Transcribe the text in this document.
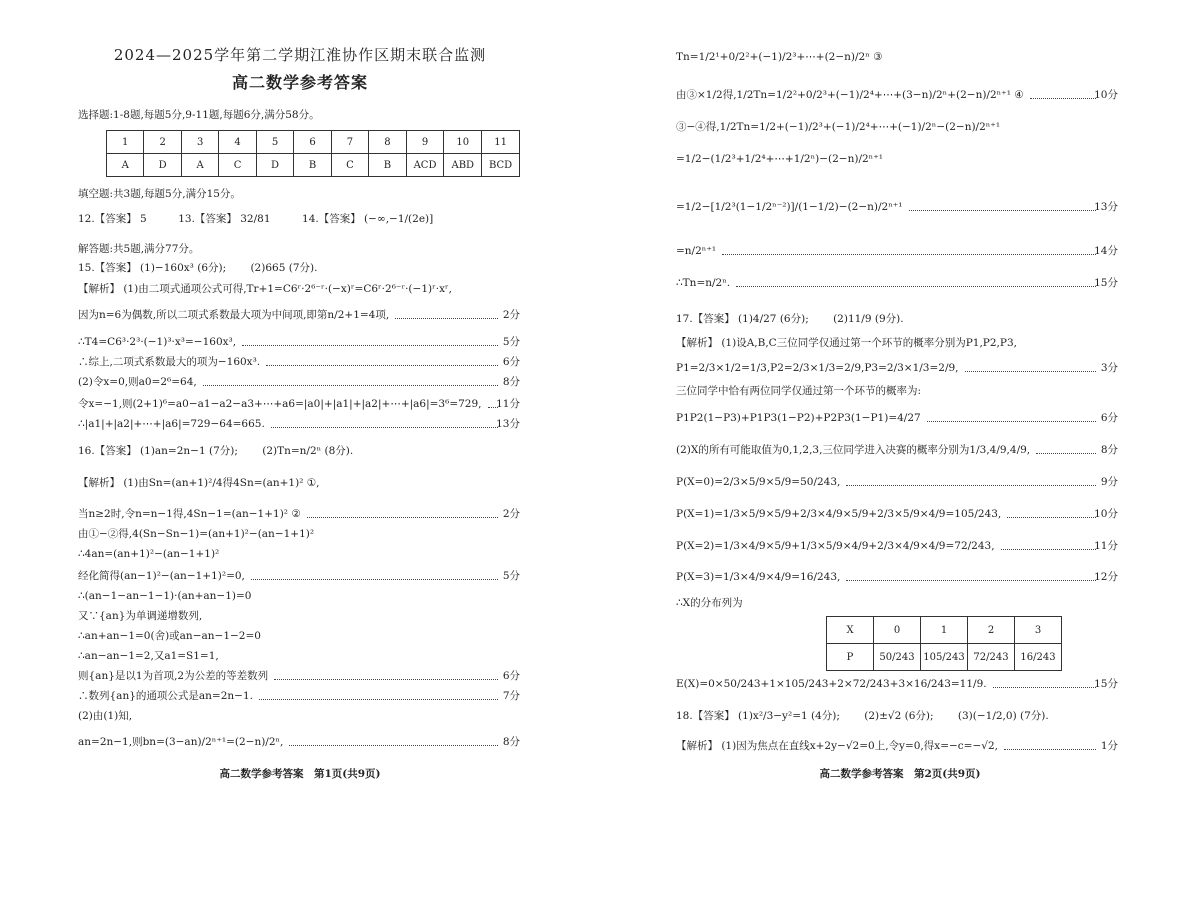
2024—2025学年第二学期江淮协作区期末联合监测
高二数学参考答案
选择题:1-8题,每题5分,9-11题,每题6分,满分58分。
1	2	3	4	5	6	7	8	9	10	11
A	D	A	C	D	B	C	B	ACD	ABD	BCD
填空题:共3题,每题5分,满分15分。
12.【答案】 5　　　13.【答案】 32/81　　　14.【答案】 (−∞,−1/(2e)]
解答题:共5题,满分77分。
15.【答案】 (1)−160x³ (6分);　　 (2)665 (7分).
【解析】 (1)由二项式通项公式可得,Tr+1=C6ʳ·2⁶⁻ʳ·(−x)ʳ=C6ʳ·2⁶⁻ʳ·(−1)ʳ·xʳ,
因为n=6为偶数,所以二项式系数最大项为中间项,即第n/2+1=4项,	2分
∴T4=C6³·2³·(−1)³·x³=−160x³,	5分
∴综上,二项式系数最大的项为−160x³.	6分
(2)令x=0,则a0=2⁶=64,	8分
令x=−1,则(2+1)⁶=a0−a1−a2−a3+⋯+a6=|a0|+|a1|+|a2|+⋯+|a6|=3⁶=729, 11分
∴|a1|+|a2|+⋯+|a6|=729−64=665.	13分
16.【答案】 (1)an=2n−1 (7分);　　 (2)Tn=n/2ⁿ (8分).
【解析】 (1)由Sn=(an+1)²/4得4Sn=(an+1)² ①,
当n≥2时,令n=n−1得,4Sn−1=(an−1+1)² ②	2分
由①−②得,4(Sn−Sn−1)=(an+1)²−(an−1+1)²
∴4an=(an+1)²−(an−1+1)²
经化简得(an−1)²−(an−1+1)²=0,	5分
∴(an−1−an−1−1)·(an+an−1)=0
又∵{an}为单调递增数列,
∴an+an−1=0(舍)或an−an−1−2=0
∴an−an−1=2,又a1=S1=1,
则{an}是以1为首项,2为公差的等差数列	6分
∴数列{an}的通项公式是an=2n−1.	7分
(2)由(1)知,
an=2n−1,则bn=(3−an)/2ⁿ⁺¹=(2−n)/2ⁿ,	8分
高二数学参考答案　第1页(共9页)
Tn=1/2¹+0/2²+(−1)/2³+⋯+(2−n)/2ⁿ ③
由③×1/2得,1/2Tn=1/2²+0/2³+(−1)/2⁴+⋯+(3−n)/2ⁿ+(2−n)/2ⁿ⁺¹ ④	10分
③−④得,1/2Tn=1/2+(−1)/2³+(−1)/2⁴+⋯+(−1)/2ⁿ−(2−n)/2ⁿ⁺¹
=1/2−(1/2³+1/2⁴+⋯+1/2ⁿ)−(2−n)/2ⁿ⁺¹
=1/2−[1/2³(1−1/2ⁿ⁻²)]/(1−1/2)−(2−n)/2ⁿ⁺¹	13分
=n/2ⁿ⁺¹	14分
∴Tn=n/2ⁿ.	15分
17.【答案】 (1)4/27 (6分);　　 (2)11/9 (9分).
【解析】 (1)设A,B,C三位同学仅通过第一个环节的概率分别为P1,P2,P3,
P1=2/3×1/2=1/3,P2=2/3×1/3=2/9,P3=2/3×1/3=2/9,	3分
三位同学中恰有两位同学仅通过第一个环节的概率为:
P1P2(1−P3)+P1P3(1−P2)+P2P3(1−P1)=4/27	6分
(2)X的所有可能取值为0,1,2,3,三位同学进入决赛的概率分别为1/3,4/9,4/9,	8分
P(X=0)=2/3×5/9×5/9=50/243,	9分
P(X=1)=1/3×5/9×5/9+2/3×4/9×5/9+2/3×5/9×4/9=105/243,	10分
P(X=2)=1/3×4/9×5/9+1/3×5/9×4/9+2/3×4/9×4/9=72/243,	11分
P(X=3)=1/3×4/9×4/9=16/243,	12分
∴X的分布列为
E(X)=0×50/243+1×105/243+2×72/243+3×16/243=11/9.	15分
18.【答案】 (1)x²/3−y²=1 (4分);　　 (2)±√2 (6分);　　 (3)(−1/2,0) (7分).
【解析】 (1)因为焦点在直线x+2y−√2=0上,令y=0,得x=−c=−√2,	1分
X	0	1	2	3
P	50/243	105/243	72/243	16/243
高二数学参考答案　第2页(共9页)
